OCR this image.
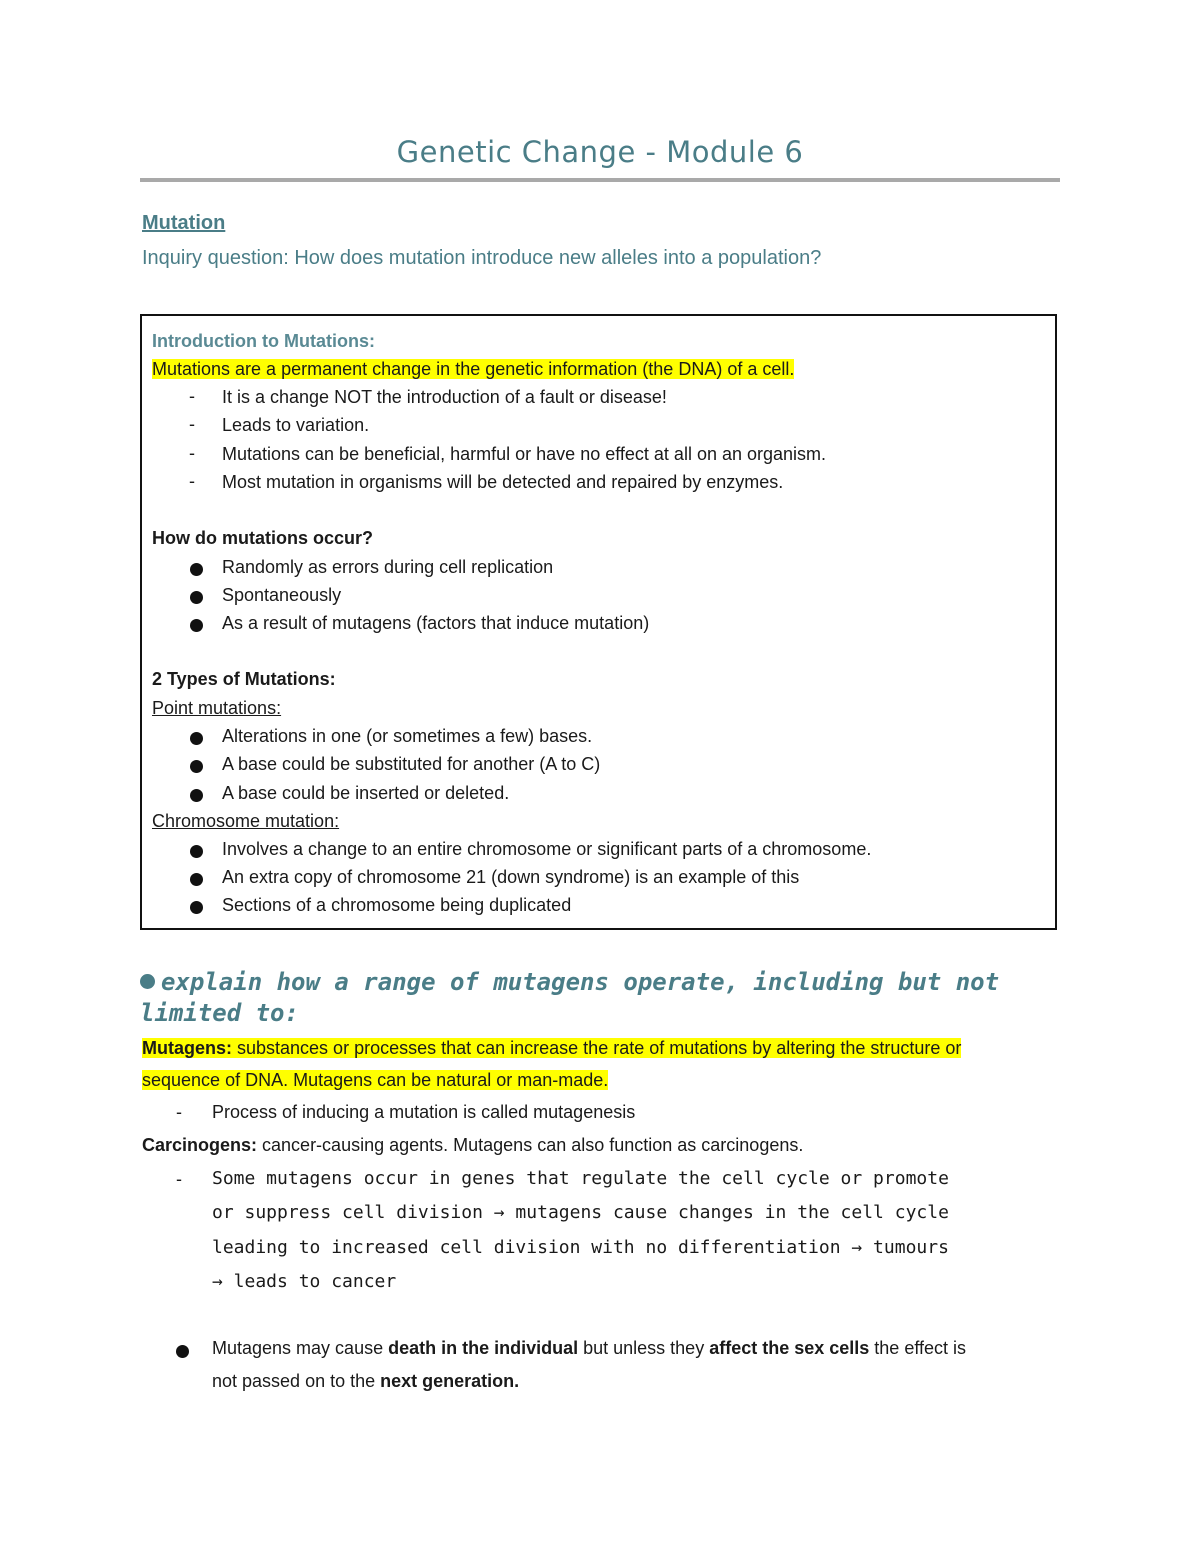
Genetic Change - Module 6
Mutation
Inquiry question: How does mutation introduce new alleles into a population?
Introduction to Mutations:
Mutations are a permanent change in the genetic information (the DNA) of a cell.
- It is a change NOT the introduction of a fault or disease!
- Leads to variation.
- Mutations can be beneficial, harmful or have no effect at all on an organism.
- Most mutation in organisms will be detected and repaired by enzymes.
How do mutations occur?
Randomly as errors during cell replication
Spontaneously
As a result of mutagens (factors that induce mutation)
2 Types of Mutations:
Point mutations:
Alterations in one (or sometimes a few) bases.
A base could be substituted for another (A to C)
A base could be inserted or deleted.
Chromosome mutation:
Involves a change to an entire chromosome or significant parts of a chromosome.
An extra copy of chromosome 21 (down syndrome) is an example of this
Sections of a chromosome being duplicated
explain how a range of mutagens operate, including but not
limited to:
Mutagens: substances or processes that can increase the rate of mutations by altering the structure or
sequence of DNA. Mutagens can be natural or man-made.
- Process of inducing a mutation is called mutagenesis
Carcinogens: cancer-causing agents. Mutagens can also function as carcinogens.
- Some mutagens occur in genes that regulate the cell cycle or promote
or suppress cell division → mutagens cause changes in the cell cycle
leading to increased cell division with no differentiation → tumours
→ leads to cancer
Mutagens may cause death in the individual but unless they affect the sex cells the effect is
not passed on to the next generation.
